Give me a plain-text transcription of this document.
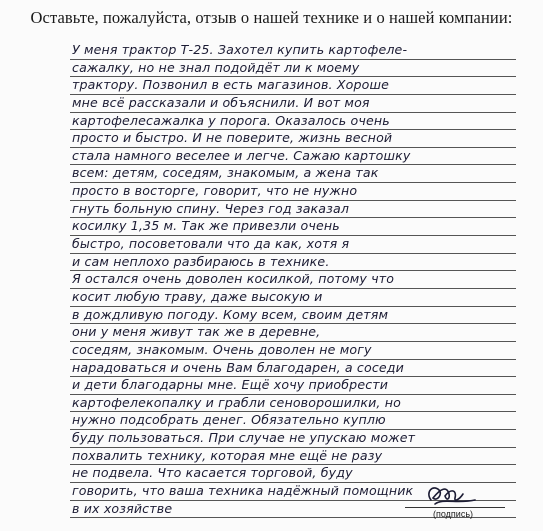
Оставьте, пожалуйста, отзыв о нашей технике и о нашей компании:
У меня трактор Т-25. Захотел купить картофеле-
сажалку, но не знал подойдёт ли к моему
трактору. Позвонил в есть магазинов. Хороше
мне всё рассказали и объяснили. И вот моя
картофелесажалка у порога. Оказалось очень
просто и быстро. И не поверите, жизнь весной
стала намного веселее и легче. Сажаю картошку
всем: детям, соседям, знакомым, а жена так
просто в восторге, говорит, что не нужно
гнуть больную спину. Через год заказал
косилку 1,35 м. Так же привезли очень
быстро, посоветовали что да как, хотя я
и сам неплохо разбираюсь в технике.
Я остался очень доволен косилкой, потому что
косит любую траву, даже высокую и
в дождливую погоду. Кому всем, своим детям
они у меня живут так же в деревне,
соседям, знакомым. Очень доволен не могу
нарадоваться и очень Вам благодарен, а соседи
и дети благодарны мне. Ещё хочу приобрести
картофелекопалку и грабли сеноворошилки, но
нужно подсобрать денег. Обязательно куплю
буду пользоваться. При случае не упускаю может
похвалить технику, которая мне ещё не разу
не подвела. Что касается торговой, буду
говорить, что ваша техника надёжный помощник
в их хозяйстве	(подпись)
